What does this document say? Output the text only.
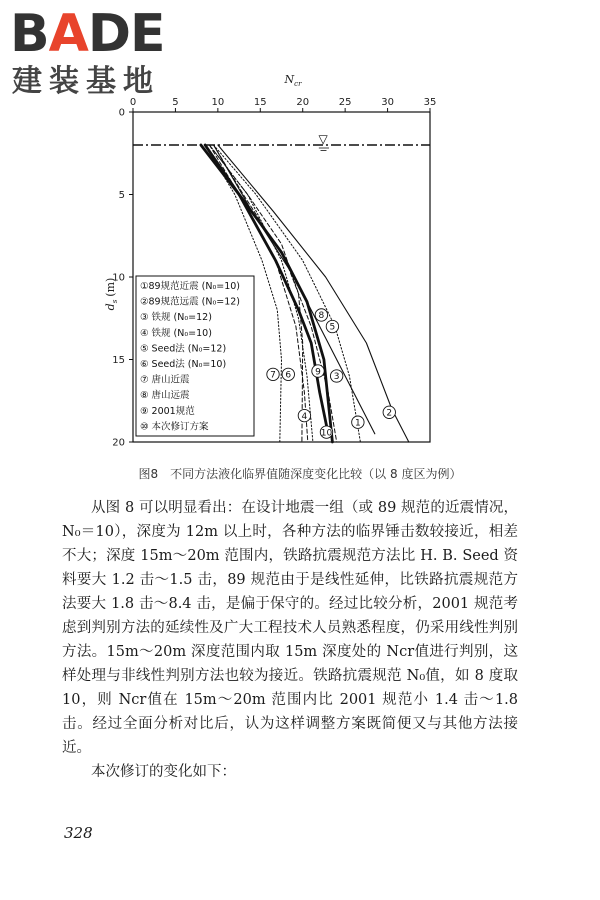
BADE
建装基地	$N_{cr}$
$d_s(m)$
0	5	10	15	20	25	30	35
0
5
10
15
20
▽
1
2
3
4
5
6
7
8
9
10
①89规范近震 (N₀=10)
②89规范远震 (N₀=12)
③ 铁规 (N₀=12)
④ 铁规 (N₀=10)
⑤ Seed法 (N₀=12)
⑥ Seed法 (N₀=10)
⑦ 唐山近震
⑧ 唐山远震
⑨ 2001规范
⑩ 本次修订方案
图8　不同方法液化临界值随深度变化比较（以 8 度区为例）

从图 8 可以明显看出：在设计地震一组（或 89 规范的近震情况，N₀＝10），深度为 12m 以上时，各种方法的临界锤击数较接近，相差不大；深度 15m～20m 范围内，铁路抗震规范方法比 H. B. Seed 资料要大 1.2 击～1.5 击，89 规范由于是线性延伸，比铁路抗震规范方法要大 1.8 击～8.4 击，是偏于保守的。经过比较分析，2001 规范考虑到判别方法的延续性及广大工程技术人员熟悉程度，仍采用线性判别方法。15m～20m 深度范围内取 15m 深度处的 Ncr值进行判别，这样处理与非线性判别方法也较为接近。铁路抗震规范 N₀值，如 8 度取 10，则 Ncr值在 15m～20m 范围内比 2001 规范小 1.4 击～1.8 击。经过全面分析对比后，认为这样调整方案既简便又与其他方法接近。

本次修订的变化如下：

328
